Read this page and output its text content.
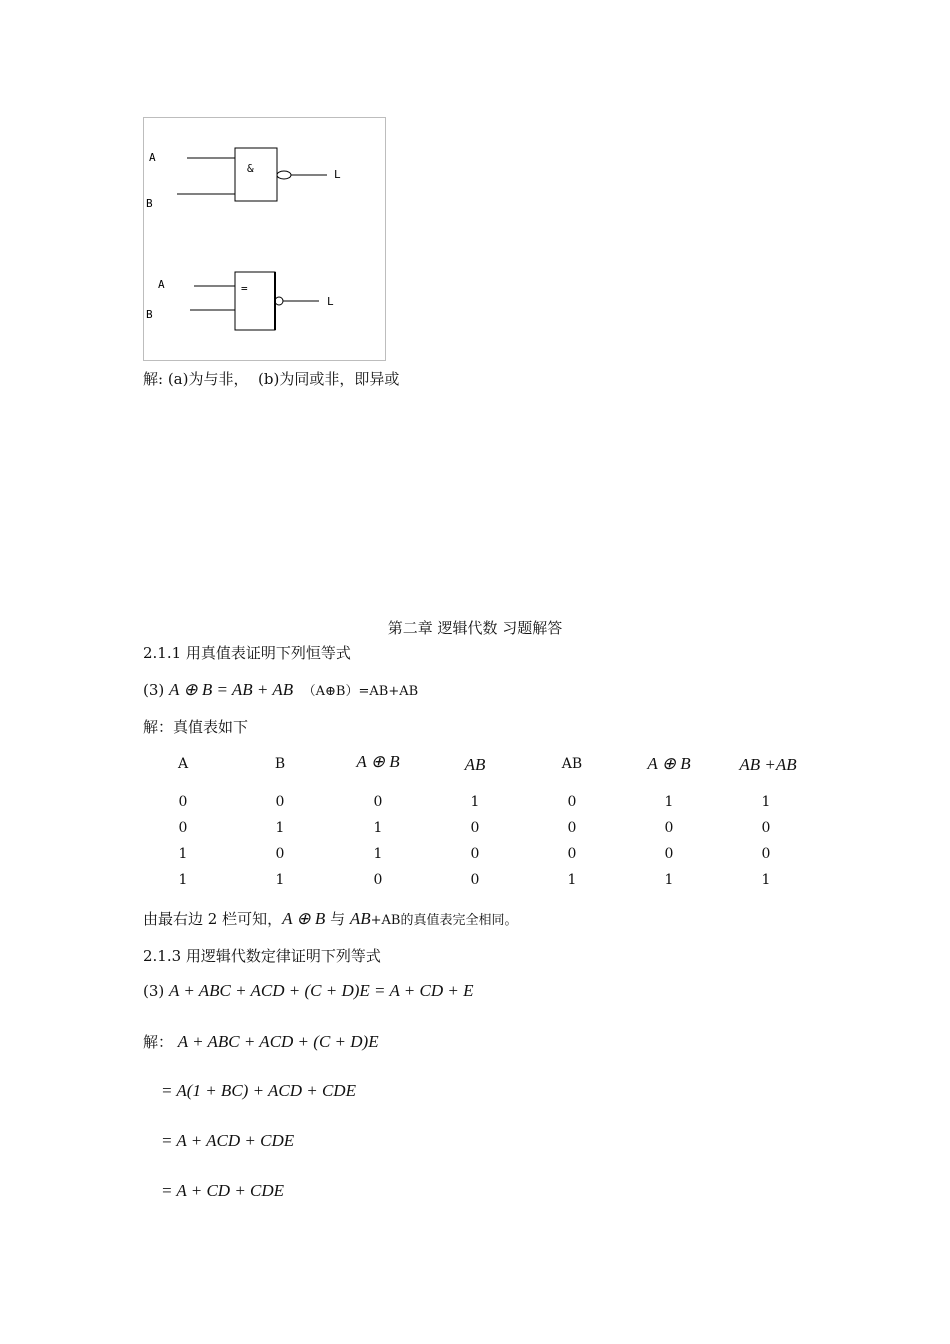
A
B
&	L
A
B
=
L
解: (a)为与非， (b)为同或非，即异或
第二章 逻辑代数 习题解答
2.1.1 用真值表证明下列恒等式
(3) A ⊕ B = AB + AB （A⊕B）=AB+AB
解：真值表如下
A	B	A ⊕ B	AB	AB	A ⊕ B	AB +AB
0	0	0	1	0	1	1
0	1	1	0	0	0	0
1	0	1	0	0	0	0
1	1	0	0	1	1	1
由最右边 2 栏可知，A ⊕ B 与 AB+AB的真值表完全相同。
2.1.3 用逻辑代数定律证明下列等式
(3) A + ABC + ACD + (C + D)E = A + CD + E
解： A + ABC + ACD + (C + D)E
= A(1 + BC) + ACD + CDE
= A + ACD + CDE
= A + CD + CDE
